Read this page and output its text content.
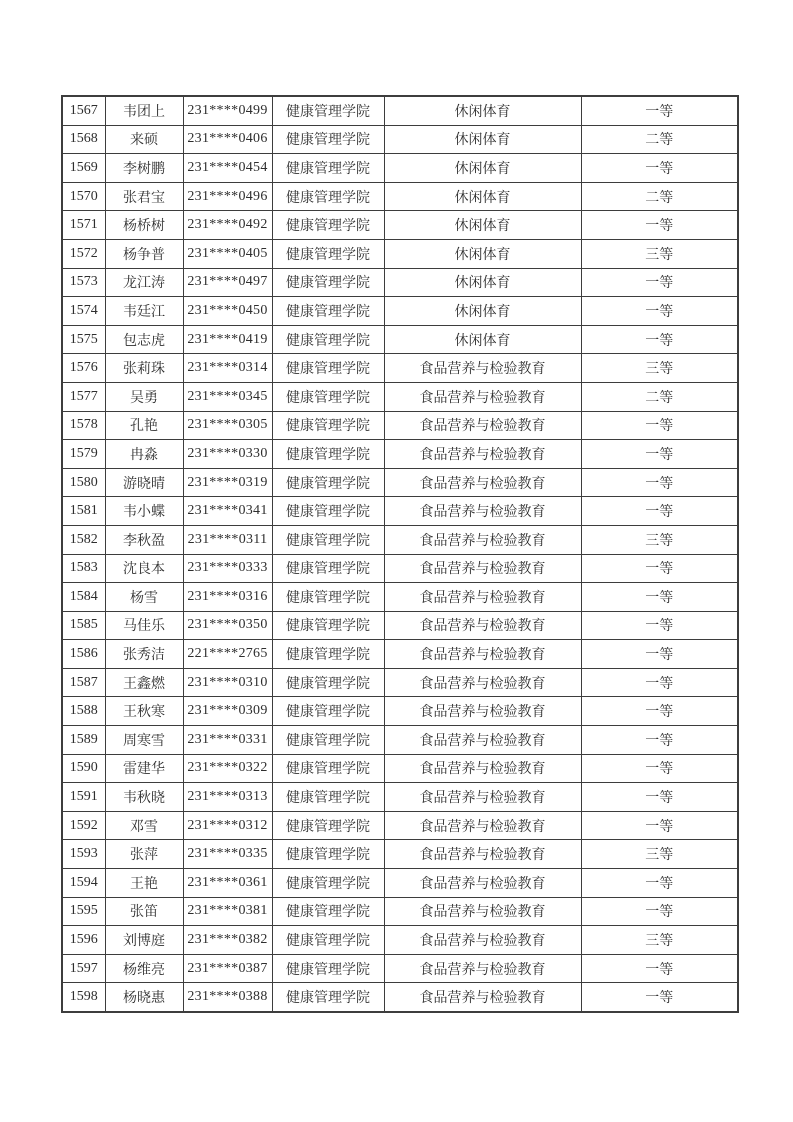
1567	韦团上	231****0499	健康管理学院	休闲体育	一等
1568	来硕	231****0406	健康管理学院	休闲体育	二等
1569	李树鹏	231****0454	健康管理学院	休闲体育	一等
1570	张君宝	231****0496	健康管理学院	休闲体育	二等
1571	杨桥树	231****0492	健康管理学院	休闲体育	一等
1572	杨争普	231****0405	健康管理学院	休闲体育	三等
1573	龙江涛	231****0497	健康管理学院	休闲体育	一等
1574	韦廷江	231****0450	健康管理学院	休闲体育	一等
1575	包志虎	231****0419	健康管理学院	休闲体育	一等
1576	张莉珠	231****0314	健康管理学院	食品营养与检验教育	三等
1577	吴勇	231****0345	健康管理学院	食品营养与检验教育	二等
1578	孔艳	231****0305	健康管理学院	食品营养与检验教育	一等
1579	冉淼	231****0330	健康管理学院	食品营养与检验教育	一等
1580	游晓晴	231****0319	健康管理学院	食品营养与检验教育	一等
1581	韦小蝶	231****0341	健康管理学院	食品营养与检验教育	一等
1582	李秋盈	231****0311	健康管理学院	食品营养与检验教育	三等
1583	沈良本	231****0333	健康管理学院	食品营养与检验教育	一等
1584	杨雪	231****0316	健康管理学院	食品营养与检验教育	一等
1585	马佳乐	231****0350	健康管理学院	食品营养与检验教育	一等
1586	张秀洁	221****2765	健康管理学院	食品营养与检验教育	一等
1587	王鑫燃	231****0310	健康管理学院	食品营养与检验教育	一等
1588	王秋寒	231****0309	健康管理学院	食品营养与检验教育	一等
1589	周寒雪	231****0331	健康管理学院	食品营养与检验教育	一等
1590	雷建华	231****0322	健康管理学院	食品营养与检验教育	一等
1591	韦秋晓	231****0313	健康管理学院	食品营养与检验教育	一等
1592	邓雪	231****0312	健康管理学院	食品营养与检验教育	一等
1593	张萍	231****0335	健康管理学院	食品营养与检验教育	三等
1594	王艳	231****0361	健康管理学院	食品营养与检验教育	一等
1595	张笛	231****0381	健康管理学院	食品营养与检验教育	一等
1596	刘博庭	231****0382	健康管理学院	食品营养与检验教育	三等
1597	杨维亮	231****0387	健康管理学院	食品营养与检验教育	一等
1598	杨晓惠	231****0388	健康管理学院	食品营养与检验教育	一等
